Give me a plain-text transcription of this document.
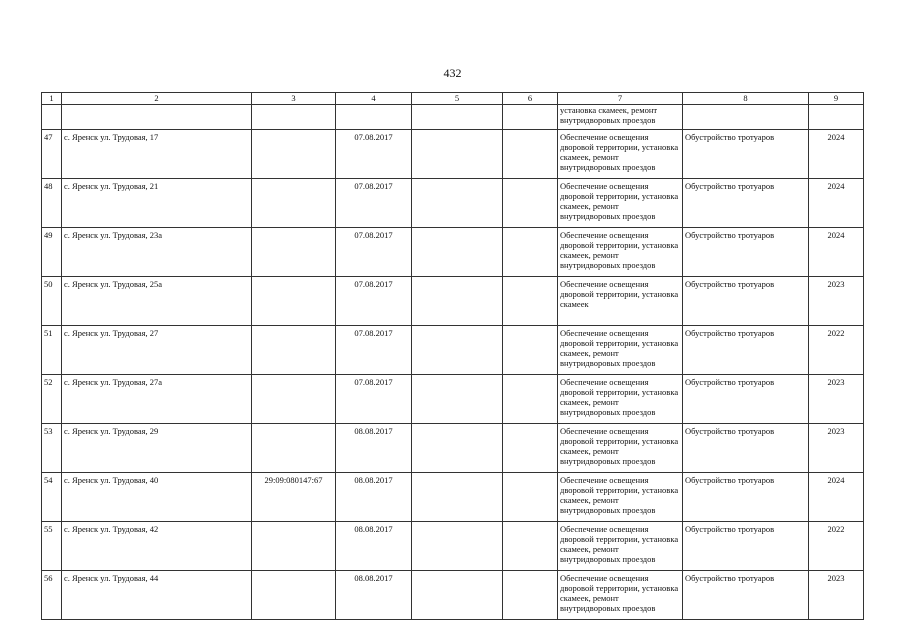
432
1	2	3	4	5	6	7	8	9
						установка скамеек, ремонт внутридворовых проездов		
47	с. Яренск ул. Трудовая, 17		07.08.2017			Обеспечение освещения дворовой территории, установка скамеек, ремонт внутридворовых проездов	Обустройство тротуаров	2024
48	с. Яренск ул. Трудовая, 21		07.08.2017			Обеспечение освещения дворовой территории, установка скамеек, ремонт внутридворовых проездов	Обустройство тротуаров	2024
49	с. Яренск ул. Трудовая, 23а		07.08.2017			Обеспечение освещения дворовой территории, установка скамеек, ремонт внутридворовых проездов	Обустройство тротуаров	2024
50	с. Яренск ул. Трудовая, 25а		07.08.2017			Обеспечение освещения дворовой территории, установка скамеек	Обустройство тротуаров	2023
51	с. Яренск ул. Трудовая, 27		07.08.2017			Обеспечение освещения дворовой территории, установка скамеек, ремонт внутридворовых проездов	Обустройство тротуаров	2022
52	с. Яренск ул. Трудовая, 27а		07.08.2017			Обеспечение освещения дворовой территории, установка скамеек, ремонт внутридворовых проездов	Обустройство тротуаров	2023
53	с. Яренск ул. Трудовая, 29		08.08.2017			Обеспечение освещения дворовой территории, установка скамеек, ремонт внутридворовых проездов	Обустройство тротуаров	2023
54	с. Яренск ул. Трудовая, 40	29:09:080147:67	08.08.2017			Обеспечение освещения дворовой территории, установка скамеек, ремонт внутридворовых проездов	Обустройство тротуаров	2024
55	с. Яренск ул. Трудовая, 42		08.08.2017			Обеспечение освещения дворовой территории, установка скамеек, ремонт внутридворовых проездов	Обустройство тротуаров	2022
56	с. Яренск ул. Трудовая, 44		08.08.2017			Обеспечение освещения дворовой территории, установка скамеек, ремонт внутридворовых проездов	Обустройство тротуаров	2023
